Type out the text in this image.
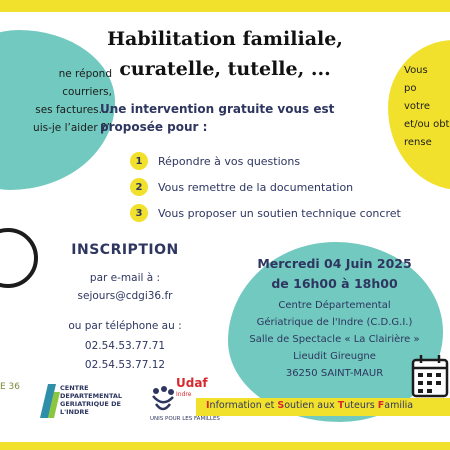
ne répond
courriers,
ses factures....
uis-je l’aider ?”
Vous
po
votre
et/ou obt
rense
Habilitation familiale,
curatelle, tutelle, ...
Une intervention gratuite vous est
proposée pour :
1	Répondre à vos questions
2	Vous remettre de la documentation
3	Vous proposer un soutien technique concret
INSCRIPTION
par e-mail à :
sejours@cdgi36.fr
ou par téléphone au :
02.54.53.77.71
02.54.53.77.12
Mercredi 04 Juin 2025
de 16h00 à 18h00
Centre Départemental
Gériatrique de l'Indre (C.D.G.I.)
Salle de Spectacle « La Clairière »
Lieudit Gireugne
36250 SAINT-MAUR
E 36	CENTRE
DEPARTEMENTAL
GERIATRIQUE DE L'INDRE
Udaf
Indre
UNIS POUR LES FAMILLES
Information et Soutien aux Tuteurs Familia
